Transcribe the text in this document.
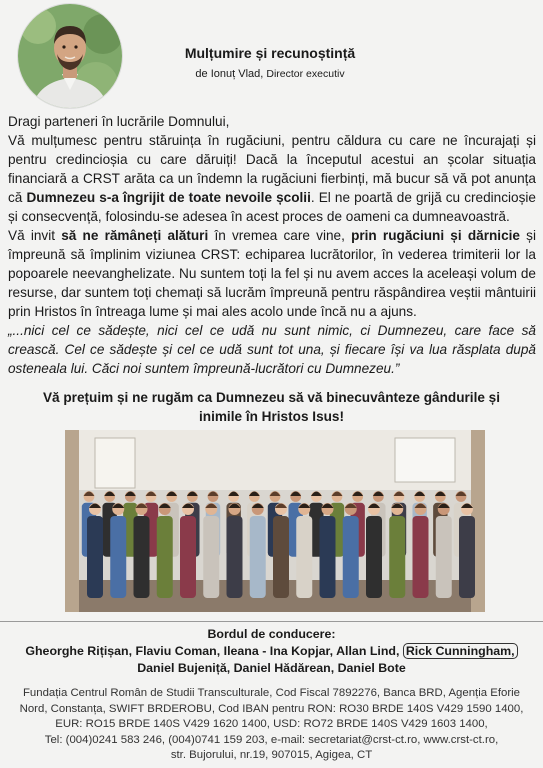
Mulțumire și recunoștință
de Ionuț Vlad, Director executiv

Dragi parteneri în lucrările Domnului,

Vă mulțumesc pentru stăruința în rugăciuni, pentru căldura cu care ne încurajați și pentru credincioșia cu care dăruiți! Dacă la începutul acestui an școlar situația financiară a CRST arăta ca un îndemn la rugăciuni fierbinți, mă bucur să vă pot anunța că Dumnezeu s-a îngrijit de toate nevoile școlii. El ne poartă de grijă cu credincioșie și consecvență, folosindu-se adesea în acest proces de oameni ca dumneavoastră.

Vă invit să ne rămâneți alături în vremea care vine, prin rugăciuni și dărnicie și împreună să împlinim viziunea CRST: echiparea lucrătorilor, în vederea trimiterii lor la popoarele neevanghelizate. Nu suntem toți la fel și nu avem acces la aceleași volum de resurse, dar suntem toți chemați să lucrăm împreună pentru răspândirea veștii mântuirii prin Hristos în întreaga lume și mai ales acolo unde încă nu a ajuns.

„...nici cel ce sădește, nici cel ce udă nu sunt nimic, ci Dumnezeu, care face să crească. Cel ce sădește și cel ce udă sunt tot una, și fiecare își va lua răsplata după osteneala lui. Căci noi suntem împreună-lucrători cu Dumnezeu.”

Vă prețuim și ne rugăm ca Dumnezeu să vă binecuvânteze gândurile și inimile în Hristos Isus!
Bordul de conducere:
Gheorghe Rițișan, Flaviu Coman, Ileana - Ina Kopjar, Allan Lind, Rick Cunningham, Daniel Bujeniță, Daniel Hădărean, Daniel Bote
Fundația Centrul Român de Studii Transculturale, Cod Fiscal 7892276, Banca BRD, Agenția Eforie
Nord, Constanța, SWIFT BRDEROBU, Cod IBAN pentru RON: RO30 BRDE 140S V429 1590 1400,
EUR: RO15 BRDE 140S V429 1620 1400, USD: RO72 BRDE 140S V429 1603 1400,
Tel: (004)0241 583 246, (004)0741 159 203, e-mail: secretariat@crst-ct.ro, www.crst-ct.ro,
str. Bujorului, nr.19, 907015, Agigea, CT
